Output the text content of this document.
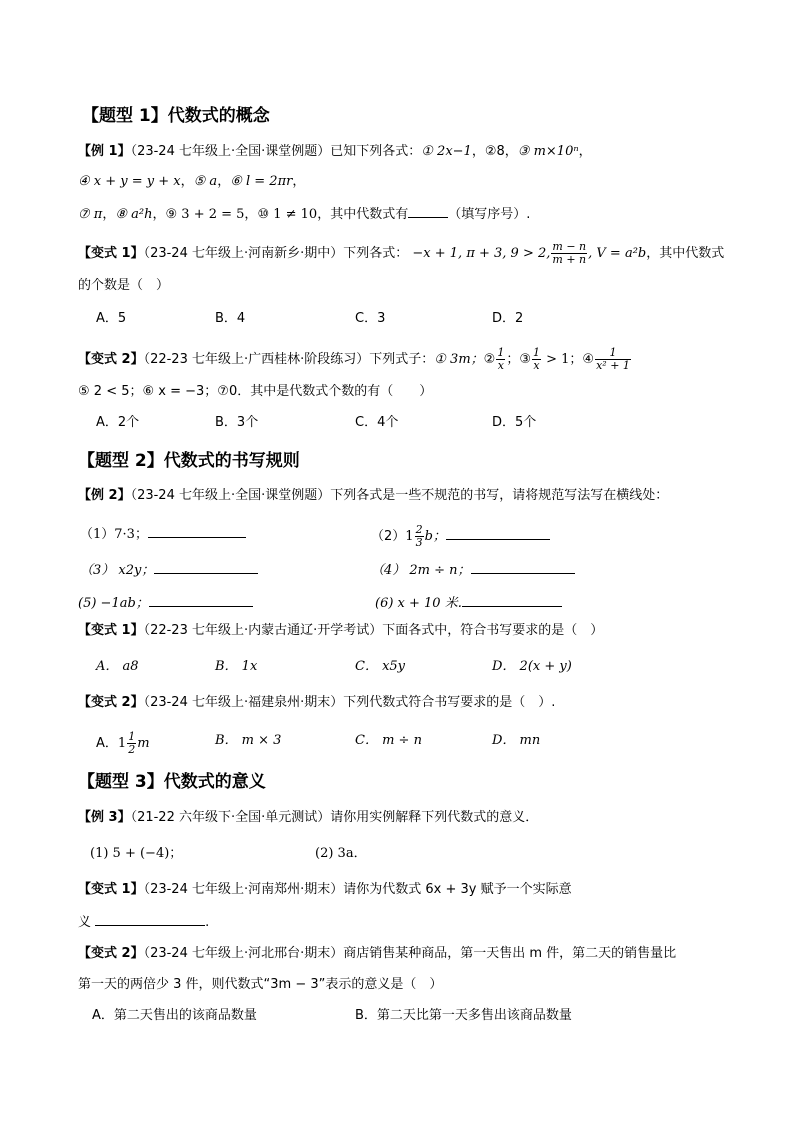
【题型 1】代数式的概念
【例 1】（23-24 七年级上·全国·课堂例题）已知下列各式：① 2x−1，②8，③ m×10ⁿ，
④ x + y = y + x，⑤ a，⑥ l = 2πr，
⑦ π，⑧ a²h，⑨ 3 + 2 = 5，⑩ 1 ≠ 10，其中代数式有	（填写序号）.
【变式 1】（23-24 七年级上·河南新乡·期中）下列各式： −x + 1, π + 3, 9 > 2, $\frac{m - n}{m + n}$ , V = a²b，其中代数式
的个数是（　）
A．5	B．4	C．3	D．2
【变式 2】（22-23 七年级上·广西桂林·阶段练习）下列式子：① 3m；② $\frac{1}{x}$ ；③ $\frac{1}{x} > 1$；④ $\frac{1}{\text{x² + 1}}$
⑤ 2 < 5；⑥ x = −3；⑦0．其中是代数式个数的有（　　）
A．2个	B．3个	C．4个	D．5个
【题型 2】代数式的书写规则
【例 2】（23-24 七年级上·全国·课堂例题）下列各式是一些不规范的书写，请将规范写法写在横线处：
（1）7·3；	（2） $1 \frac{2}{3}$ b；
（3） x2y；	（4） 2m ÷ n；
(5) −1ab；	(6) x + 10 米.
【变式 1】（22-23 七年级上·内蒙古通辽·开学考试）下面各式中，符合书写要求的是（　）
A． a8	B． 1x	C． x5y	D． 2(x + y)
【变式 2】（23-24 七年级上·福建泉州·期末）下列代数式符合书写要求的是（　）.
A． $1 \frac{1}{2}$ m	B． m × 3	C． m ÷ n	D． mn
【题型 3】代数式的意义
【例 3】（21-22 六年级下·全国·单元测试）请你用实例解释下列代数式的意义．
(1) 5 + (−4)；	(2) 3a．
【变式 1】（23-24 七年级上·河南郑州·期末）请你为代数式 6x + 3y 赋予一个实际意
义	.
【变式 2】（23-24 七年级上·河北邢台·期末）商店销售某种商品，第一天售出 m 件，第二天的销售量比
第一天的两倍少 3 件，则代数式“3m − 3”表示的意义是（　）
A．第二天售出的该商品数量	B．第二天比第一天多售出该商品数量
